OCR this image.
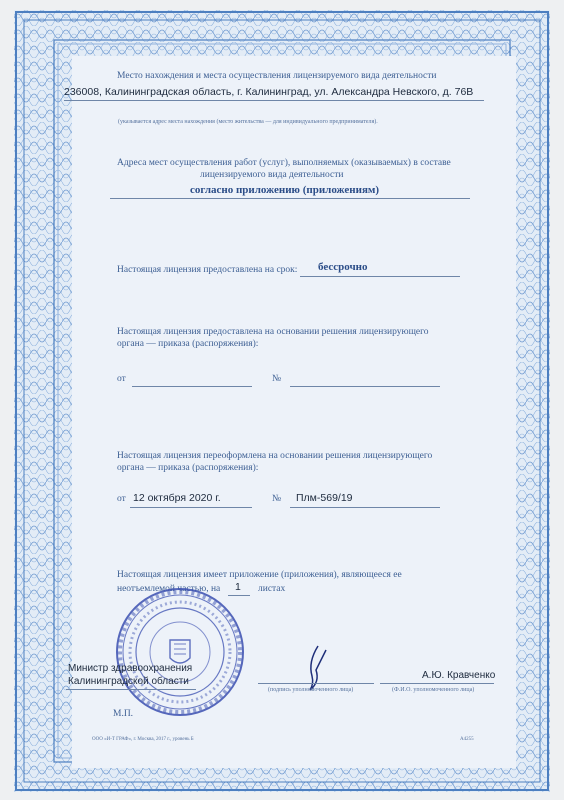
Место нахождения и места осуществления лицензируемого вида деятельности
236008, Калининградская область, г. Калининград, ул. Александра Невского, д. 76В
(указывается адрес места нахождения (место жительства — для индивидуального предпринимателя).
Адреса мест осуществления работ (услуг), выполняемых (оказываемых) в составе
лицензируемого вида деятельности
согласно приложению (приложениям)
Настоящая лицензия предоставлена на срок: бессрочно
Настоящая лицензия предоставлена на основании решения лицензирующего
органа — приказа (распоряжения):
от	№
Настоящая лицензия переоформлена на основании решения лицензирующего
органа — приказа (распоряжения):
от 12 октября 2020 г.	№ Плм-569/19
Настоящая лицензия имеет приложение (приложения), являющееся ее
неотъемлемой частью, на 1 листах
Министр здравоохранения
Калининградской области
(подпись уполномоченного лица)
А.Ю. Кравченко
(Ф.И.О. уполномоченного лица)
М.П.
ООО «И-Т ГРАФ», г. Москва, 2017 г., уровень Б	А4255
